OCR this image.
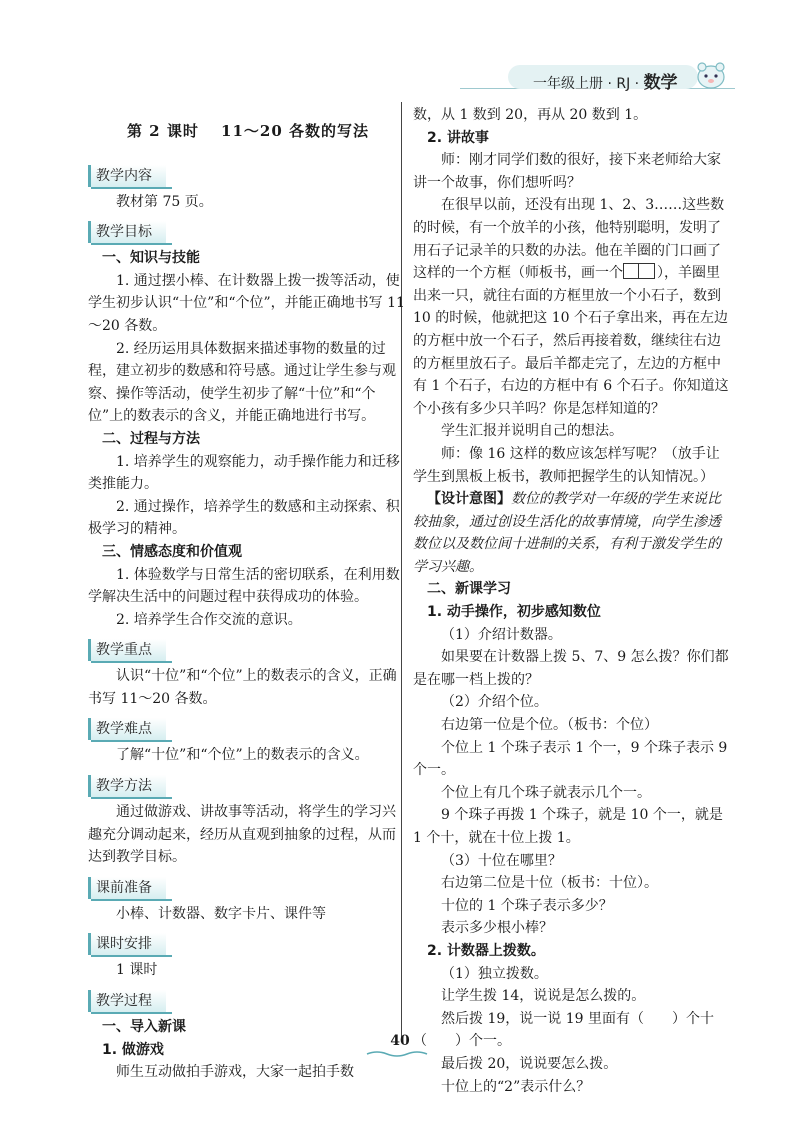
一年级上册 · RJ · 数学
第 2 课时　 11～20 各数的写法
教学内容

教材第 75 页。

教学目标

一、知识与技能

1. 通过摆小棒、在计数器上拨一拨等活动，使学生初步认识“十位”和“个位”，并能正确地书写 11～20 各数。

2. 经历运用具体数据来描述事物的数量的过程，建立初步的数感和符号感。通过让学生参与观察、操作等活动，使学生初步了解“十位”和“个位”上的数表示的含义，并能正确地进行书写。

二、过程与方法

1. 培养学生的观察能力，动手操作能力和迁移类推能力。

2. 通过操作，培养学生的数感和主动探索、积极学习的精神。

三、情感态度和价值观

1. 体验数学与日常生活的密切联系，在利用数学解决生活中的问题过程中获得成功的体验。

2. 培养学生合作交流的意识。

教学重点

认识“十位”和“个位”上的数表示的含义，正确书写 11～20 各数。

教学难点

了解“十位”和“个位”上的数表示的含义。

教学方法

通过做游戏、讲故事等活动，将学生的学习兴趣充分调动起来，经历从直观到抽象的过程，从而达到教学目标。

课前准备

小棒、计数器、数字卡片、课件等

课时安排

1 课时

教学过程

一、导入新课

1. 做游戏

师生互动做拍手游戏，大家一起拍手数

数，从 1 数到 20，再从 20 数到 1。

2. 讲故事

师：刚才同学们数的很好，接下来老师给大家讲一个故事，你们想听吗？

在很早以前，还没有出现 1、2、3……这些数的时候，有一个放羊的小孩，他特别聪明，发明了用石子记录羊的只数的办法。他在羊圈的门口画了这样的一个方框（师板书，画一个 ），羊圈里出来一只，就往右面的方框里放一个小石子，数到 10 的时候，他就把这 10 个石子拿出来，再在左边的方框中放一个石子，然后再接着数，继续往右边的方框里放石子。最后羊都走完了，左边的方框中有 1 个石子，右边的方框中有 6 个石子。你知道这个小孩有多少只羊吗？你是怎样知道的？

学生汇报并说明自己的想法。

师：像 16 这样的数应该怎样写呢？（放手让学生到黑板上板书，教师把握学生的认知情况。）

【设计意图】数位的教学对一年级的学生来说比较抽象，通过创设生活化的故事情境，向学生渗透数位以及数位间十进制的关系，有利于激发学生的学习兴趣。

二、新课学习

1. 动手操作，初步感知数位

（1）介绍计数器。

如果要在计数器上拨 5、7、9 怎么拨？你们都是在哪一档上拨的？

（2）介绍个位。

右边第一位是个位。（板书：个位）

个位上 1 个珠子表示 1 个一，9 个珠子表示 9 个一。

个位上有几个珠子就表示几个一。

9 个珠子再拨 1 个珠子，就是 10 个一，就是 1 个十，就在十位上拨 1。

（3）十位在哪里？

右边第二位是十位（板书：十位）。

十位的 1 个珠子表示多少？

表示多少根小棒？

2. 计数器上拨数。

（1）独立拨数。

让学生拨 14，说说是怎么拨的。

然后拨 19，说一说 19 里面有（　　）个十（　　）个一。

最后拨 20，说说要怎么拨。

十位上的“2”表示什么？

40
